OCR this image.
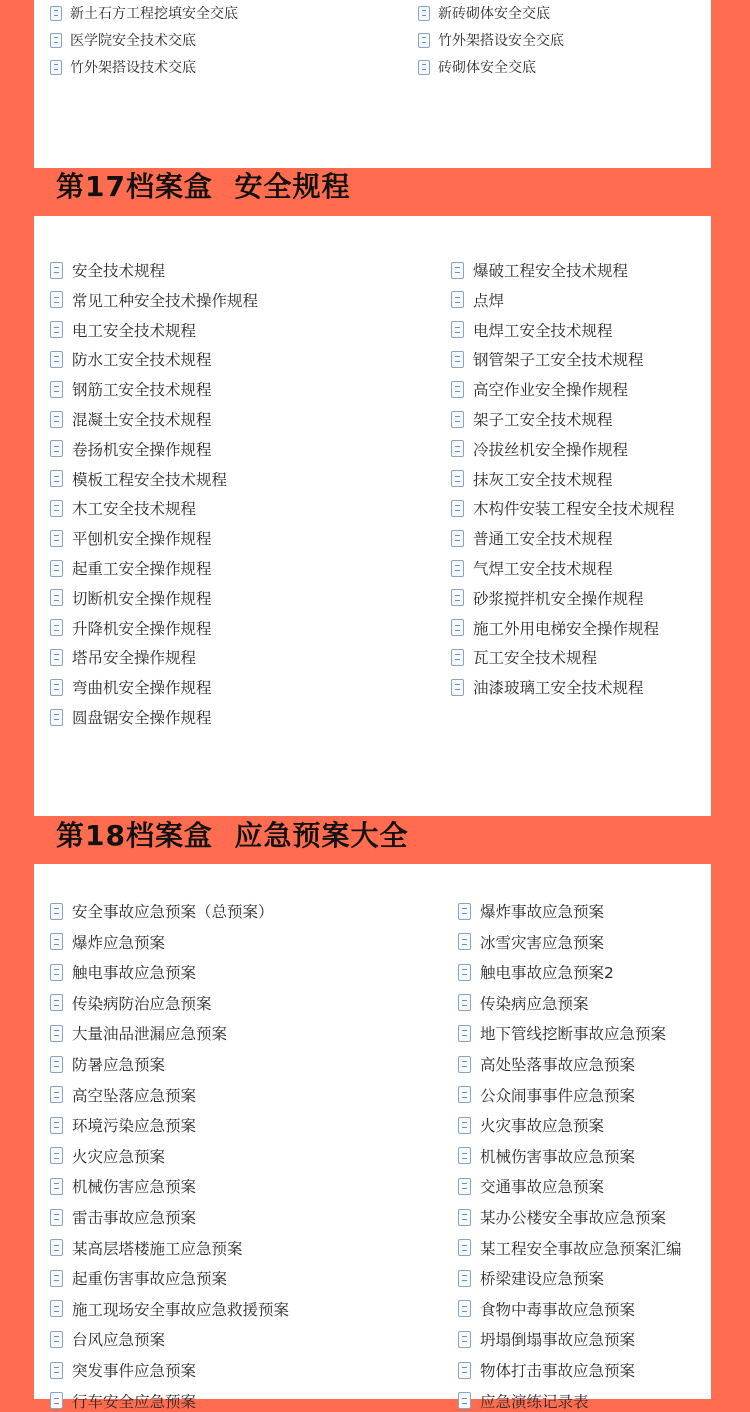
新土石方工程挖填安全交底
医学院安全技术交底
竹外架搭设技术交底
新砖砌体安全交底
竹外架搭设安全交底
砖砌体安全交底
第17档案盒  安全规程
安全技术规程
常见工种安全技术操作规程
电工安全技术规程
防水工安全技术规程
钢筋工安全技术规程
混凝土安全技术规程
卷扬机安全操作规程
模板工程安全技术规程
木工安全技术规程
平刨机安全操作规程
起重工安全操作规程
切断机安全操作规程
升降机安全操作规程
塔吊安全操作规程
弯曲机安全操作规程
圆盘锯安全操作规程
爆破工程安全技术规程
点焊
电焊工安全技术规程
钢管架子工安全技术规程
高空作业安全操作规程
架子工安全技术规程
冷拔丝机安全操作规程
抹灰工安全技术规程
木构件安装工程安全技术规程
普通工安全技术规程
气焊工安全技术规程
砂浆搅拌机安全操作规程
施工外用电梯安全操作规程
瓦工安全技术规程
油漆玻璃工安全技术规程
第18档案盒  应急预案大全
安全事故应急预案（总预案）
爆炸应急预案
触电事故应急预案
传染病防治应急预案
大量油品泄漏应急预案
防暑应急预案
高空坠落应急预案
环境污染应急预案
火灾应急预案
机械伤害应急预案
雷击事故应急预案
某高层塔楼施工应急预案
起重伤害事故应急预案
施工现场安全事故应急救援预案
台风应急预案
突发事件应急预案
行车安全应急预案
爆炸事故应急预案
冰雪灾害应急预案
触电事故应急预案2
传染病应急预案
地下管线挖断事故应急预案
高处坠落事故应急预案
公众闹事事件应急预案
火灾事故应急预案
机械伤害事故应急预案
交通事故应急预案
某办公楼安全事故应急预案
某工程安全事故应急预案汇编
桥梁建设应急预案
食物中毒事故应急预案
坍塌倒塌事故应急预案
物体打击事故应急预案
应急演练记录表
